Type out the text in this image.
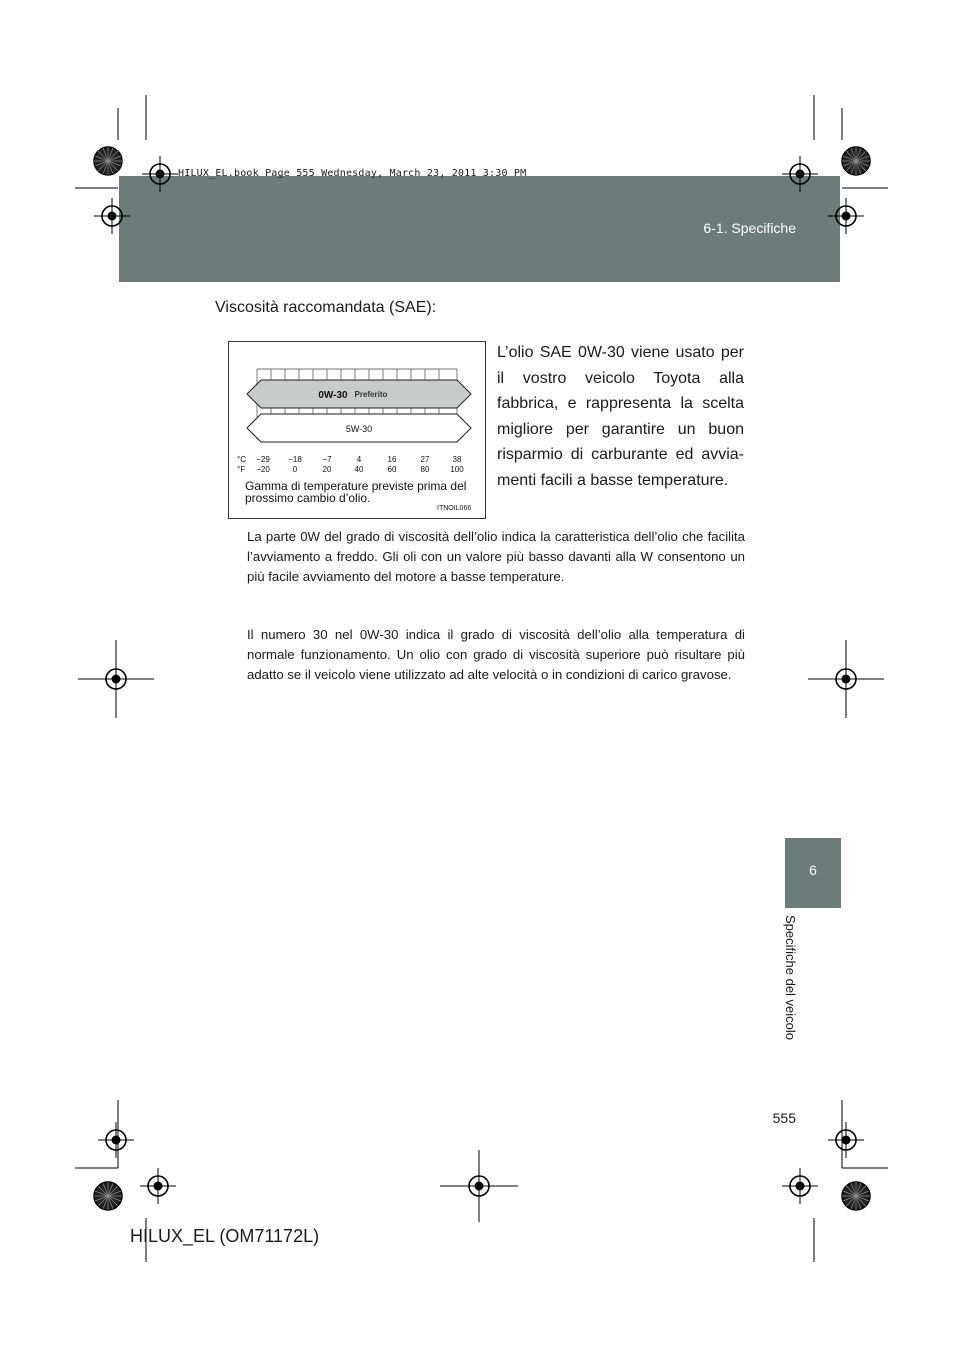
HILUX_EL.book Page 555 Wednesday, March 23, 2011 3:30 PM
6-1. Specifiche
6
Specifiche del veicolo
Viscosità raccomandata (SAE):
L’olio SAE 0W-30 viene usato per il vostro veicolo Toyota alla fabbrica, e rappresenta la scelta migliore per garantire un buon risparmio di carburante ed avviamenti facili a basse temperature.
0W-30 Preferito
5W-30
°C
°F
−29 −18	−7	4	16	27	38
−20	0	20	40	60	80	100
Gamma di temperature previste prima del prossimo cambio d’olio.
ITNOIL066
La parte 0W del grado di viscosità dell’olio indica la caratteristica dell’olio che facilita l’avviamento a freddo. Gli oli con un valore più basso davanti alla W consentono un più facile avviamento del motore a basse temperature.
Il numero 30 nel 0W-30 indica il grado di viscosità dell’olio alla temperatura di normale funzionamento. Un olio con grado di viscosità superiore può risultare più adatto se il veicolo viene utilizzato ad alte velocità o in condizioni di carico gravose.
555
HILUX_EL (OM71172L)
